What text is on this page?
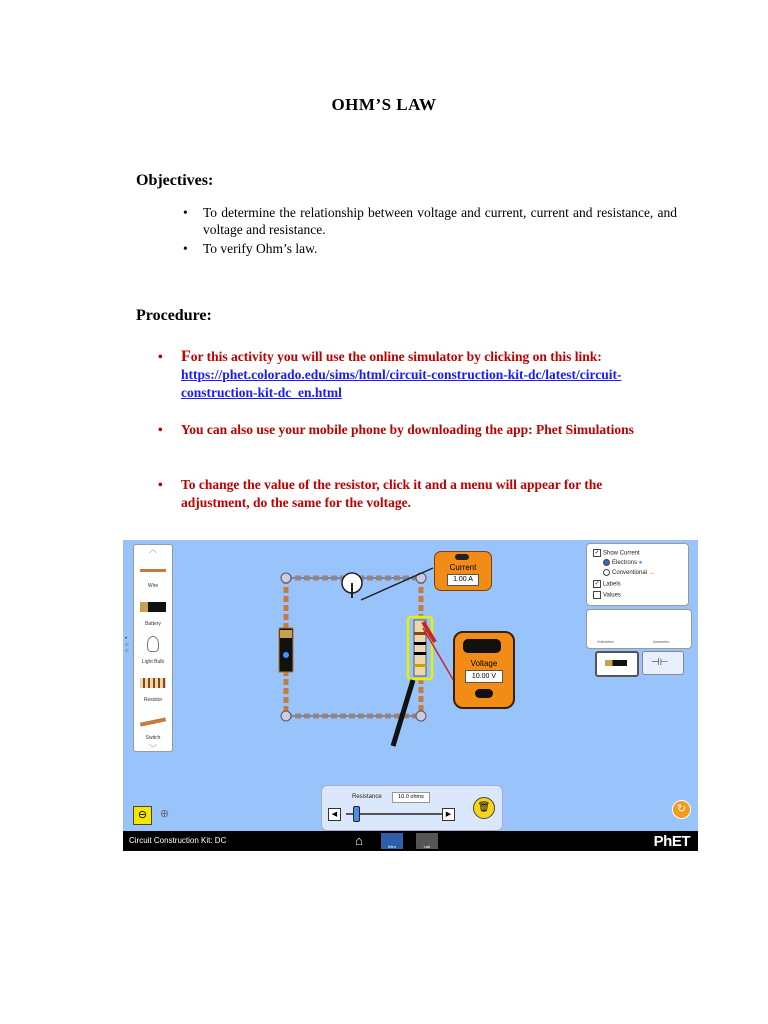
OHM’S LAW
Objectives:
• To determine the relationship between voltage and current, current and resistance, and voltage and resistance.
• To verify Ohm’s law.
Procedure:
• For this activity you will use the online simulator by clicking on this link: https://phet.colorado.edu/sims/html/circuit-construction-kit-dc/latest/circuit-construction-kit-dc_en.html
• You can also use your mobile phone by downloading the app: Phet Simulations
• To change the value of the resistor, click it and a menu will appear for the adjustment, do the same for the voltage.
︿
Wire
Battery
Light Bulb
Resistor
Switch
﹀
•
○
○
✓ Show Current
Electrons ●
Conventional →
✓ Labels
Values
Voltmeter	Ammeter
⊣⊢
Current
1.00 A
Voltage
10.00 V
Resistance	10.0 ohms
◀	▶
🗑
⊖	⊕	↻
Circuit Construction Kit: DC	⌂	Intro	Lab	PhET
